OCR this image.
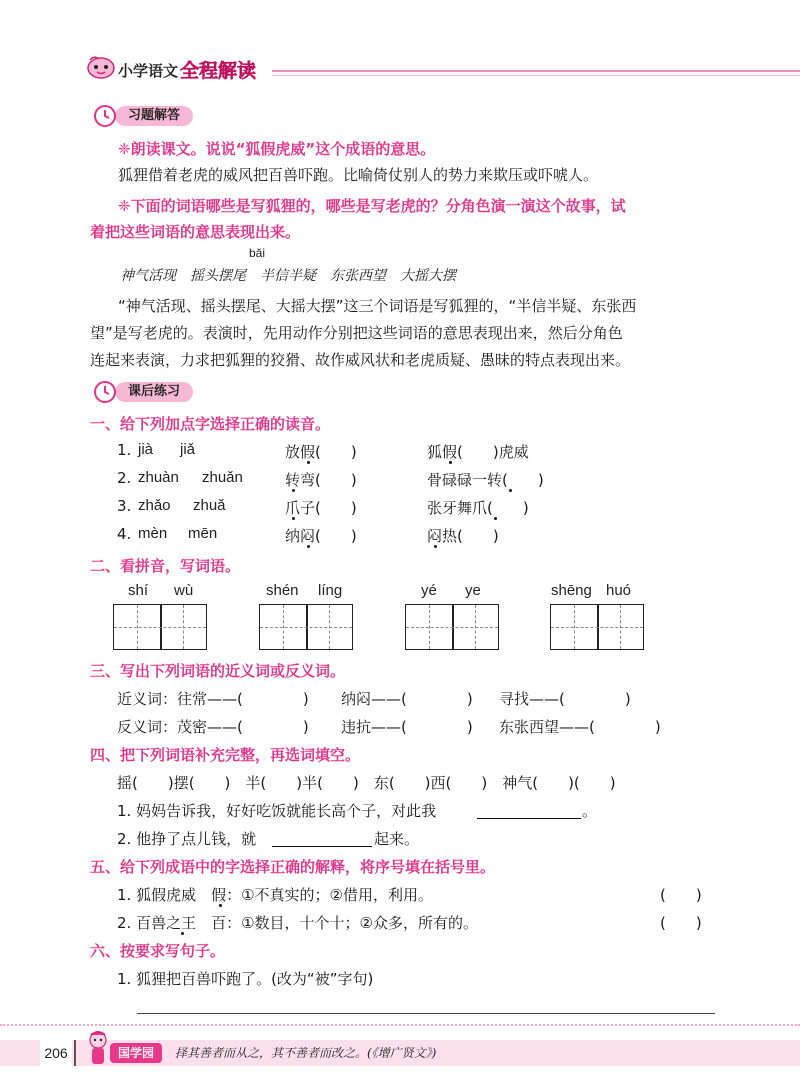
小学语文 全程解读
习题解答
❈朗读课文。说说“狐假虎威”这个成语的意思。
狐狸借着老虎的威风把百兽吓跑。比喻倚仗别人的势力来欺压或吓唬人。
❈下面的词语哪些是写狐狸的，哪些是写老虎的？分角色演一演这个故事，试
着把这些词语的意思表现出来。
bǎi
神气活现　摇头摆尾　半信半疑　东张西望　大摇大摆
“神气活现、摇头摆尾、大摇大摆”这三个词语是写狐狸的，“半信半疑、东张西
望”是写老虎的。表演时，先用动作分别把这些词语的意思表现出来，然后分角色
连起来表演，力求把狐狸的狡猾、故作威风状和老虎质疑、愚昧的特点表现出来。
课后练习
一、给下列加点字选择正确的读音。
1. jià jiǎ	放假(　　)	狐假(　　)虎威
2. zhuàn zhuǎn	转弯(　　)	骨碌碌一转(　　)
3. zhǎo zhuǎ	爪子(　　)	张牙舞爪(　　)
4. mèn mēn	纳闷(　　)	闷热(　　)
二、看拼音，写词语。
shí wù	shén líng	yé ye	shēng huó
三、写出下列词语的近义词或反义词。
近义词： 往常——(　　　　) 纳闷——(　　　　) 寻找——(　　　　)
反义词： 茂密——(　　　　) 违抗——(　　　　) 东张西望——(　　　　)
四、把下列词语补充完整，再选词填空。
摇(　　)摆(　　)　半(　　)半(　　)　东(　　)西(　　)　神气(　　)(　　)
1. 妈妈告诉我，好好吃饭就能长高个子，对此我	。
2. 他挣了点儿钱，就	起来。
五、给下列成语中的字选择正确的解释，将序号填在括号里。
1. 狐假虎威　假：①不真实的；②借用，利用。	(　　)
2. 百兽之王　百：①数目，十个十；②众多，所有的。	(　　)
六、按要求写句子。
1. 狐狸把百兽吓跑了。(改为“被”字句)
206	国学园	择其善者而从之，其不善者而改之。(《增广贤文》)
